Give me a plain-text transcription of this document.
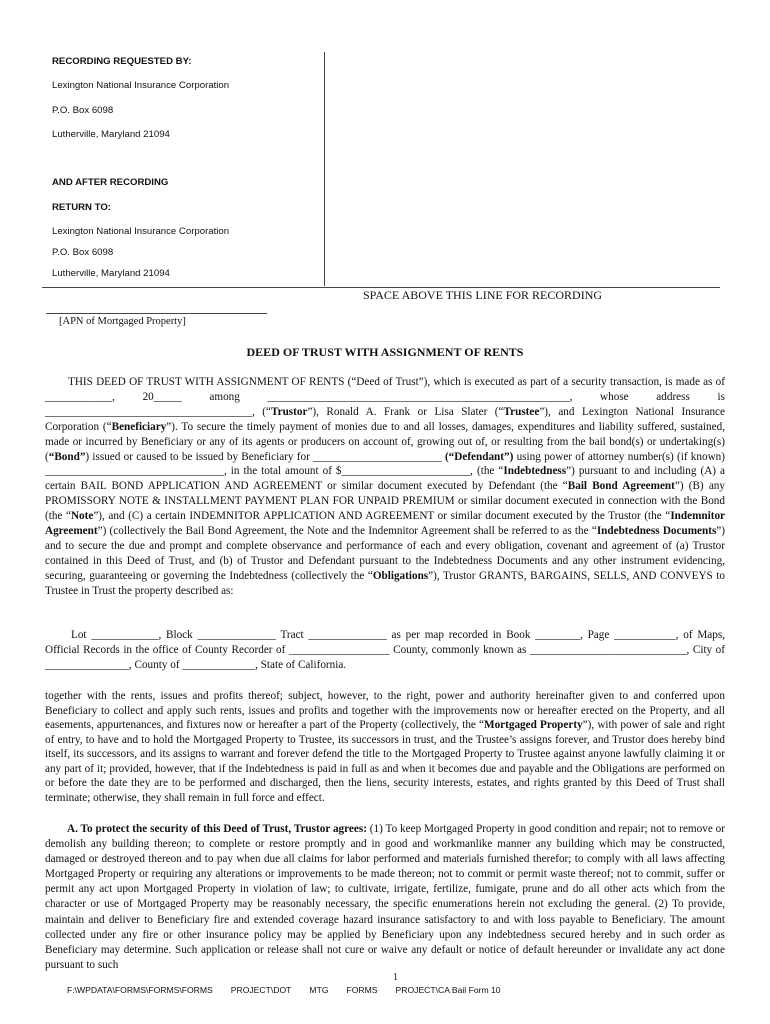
RECORDING REQUESTED BY:
Lexington National Insurance Corporation
P.O. Box 6098
Lutherville, Maryland 21094
AND AFTER RECORDING
RETURN TO:
Lexington National Insurance Corporation
P.O. Box 6098
Lutherville, Maryland 21094
SPACE ABOVE THIS LINE FOR RECORDING
[APN of Mortgaged Property]
DEED OF TRUST WITH ASSIGNMENT OF RENTS

THIS DEED OF TRUST WITH ASSIGNMENT OF RENTS (“Deed of Trust”), which is executed as part of a security transaction, is made as of ____________, 20_____ among ______________________________________________________, whose address is _____________________________________, (“Trustor”), Ronald A. Frank or Lisa Slater (“Trustee”), and Lexington National Insurance Corporation (“Beneficiary”). To secure the timely payment of monies due to and all losses, damages, expenditures and liability suffered, sustained, made or incurred by Beneficiary or any of its agents or producers on account of, growing out of, or resulting from the bail bond(s) or undertaking(s) (“Bond”) issued or caused to be issued by Beneficiary for _______________________ (“Defendant”) using power of attorney number(s) (if known) ________________________________, in the total amount of $_______________________, (the “Indebtedness”) pursuant to and including (A) a certain BAIL BOND APPLICATION AND AGREEMENT or similar document executed by Defendant (the “Bail Bond Agreement”) (B) any PROMISSORY NOTE & INSTALLMENT PAYMENT PLAN FOR UNPAID PREMIUM or similar document executed in connection with the Bond (the “Note”), and (C) a certain INDEMNITOR APPLICATION AND AGREEMENT or similar document executed by the Trustor (the “Indemnitor Agreement”) (collectively the Bail Bond Agreement, the Note and the Indemnitor Agreement shall be referred to as the “Indebtedness Documents”) and to secure the due and prompt and complete observance and performance of each and every obligation, covenant and agreement of (a) Trustor contained in this Deed of Trust, and (b) of Trustor and Defendant pursuant to the Indebtedness Documents and any other instrument evidencing, securing, guaranteeing or governing the Indebtedness (collectively the “Obligations”), Trustor GRANTS, BARGAINS, SELLS, AND CONVEYS to Trustee in Trust the property described as:

Lot ____________, Block ______________ Tract ______________ as per map recorded in Book ________, Page ___________, of Maps, Official Records in the office of County Recorder of __________________ County, commonly known as ____________________________, City of _______________, County of _____________, State of California.

together with the rents, issues and profits thereof; subject, however, to the right, power and authority hereinafter given to and conferred upon Beneficiary to collect and apply such rents, issues and profits and together with the improvements now or hereafter erected on the Property, and all easements, appurtenances, and fixtures now or hereafter a part of the Property (collectively, the “Mortgaged Property”), with power of sale and right of entry, to have and to hold the Mortgaged Property to Trustee, its successors in trust, and the Trustee’s assigns forever, and Trustor does hereby bind itself, its successors, and its assigns to warrant and forever defend the title to the Mortgaged Property to Trustee against anyone lawfully claiming it or any part of it; provided, however, that if the Indebtedness is paid in full as and when it becomes due and payable and the Obligations are performed on or before the date they are to be performed and discharged, then the liens, security interests, estates, and rights granted by this Deed of Trust shall terminate; otherwise, they shall remain in full force and effect.

A. To protect the security of this Deed of Trust, Trustor agrees: (1) To keep Mortgaged Property in good condition and repair; not to remove or demolish any building thereon; to complete or restore promptly and in good and workmanlike manner any building which may be constructed, damaged or destroyed thereon and to pay when due all claims for labor performed and materials furnished therefor; to comply with all laws affecting Mortgaged Property or requiring any alterations or improvements to be made thereon; not to commit or permit waste thereof; not to commit, suffer or permit any act upon Mortgaged Property in violation of law; to cultivate, irrigate, fertilize, fumigate, prune and do all other acts which from the character or use of Mortgaged Property may be reasonably necessary, the specific enumerations herein not excluding the general. (2) To provide, maintain and deliver to Beneficiary fire and extended coverage hazard insurance satisfactory to and with loss payable to Beneficiary. The amount collected under any fire or other insurance policy may be applied by Beneficiary upon any indebtedness secured hereby and in such order as Beneficiary may determine. Such application or release shall not cure or waive any default or notice of default hereunder or invalidate any act done pursuant to such

1
F:\WPDATA\FORMS\FORMS\FORMS PROJECT\DOT MTG FORMS PROJECT\CA Bail Form 10
